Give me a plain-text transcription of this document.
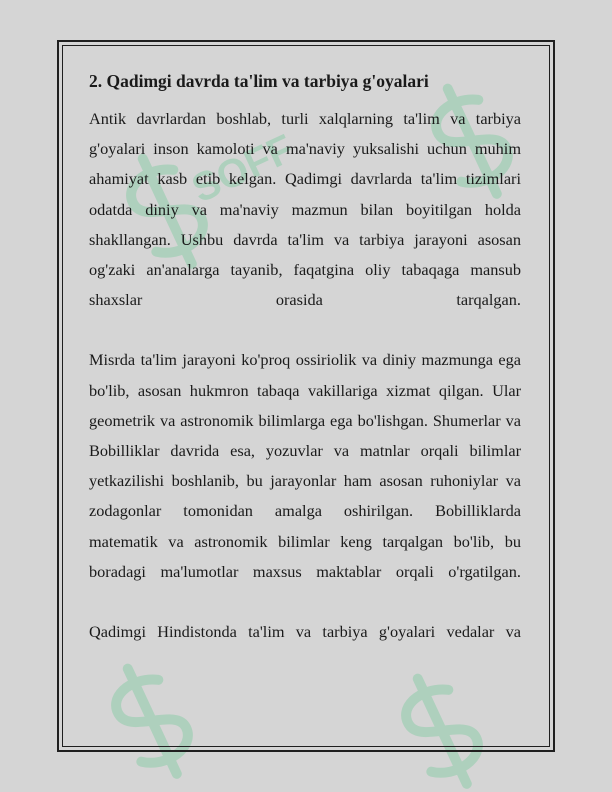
SOFF
2. Qadimgi davrda ta'lim va tarbiya g'oyalari

Antik davrlardan boshlab, turli xalqlarning ta'lim va tarbiya g'oyalari inson kamoloti va ma'naviy yuksalishi uchun muhim ahamiyat kasb etib kelgan. Qadimgi davrlarda ta'lim tizimlari odatda diniy va ma'naviy mazmun bilan boyitilgan holda shakllangan. Ushbu davrda ta'lim va tarbiya jarayoni asosan og'zaki an'analarga tayanib, faqatgina oliy tabaqaga mansub shaxslar orasida tarqalgan.

Misrda ta'lim jarayoni ko'proq ossiriolik va diniy mazmunga ega bo'lib, asosan hukmron tabaqa vakillariga xizmat qilgan. Ular geometrik va astronomik bilimlarga ega bo'lishgan. Shumerlar va Bobilliklar davrida esa, yozuvlar va matnlar orqali bilimlar yetkazilishi boshlanib, bu jarayonlar ham asosan ruhoniylar va zodagonlar tomonidan amalga oshirilgan. Bobilliklarda matematik va astronomik bilimlar keng tarqalgan bo'lib, bu boradagi ma'lumotlar maxsus maktablar orqali o'rgatilgan.

Qadimgi Hindistonda ta'lim va tarbiya g'oyalari vedalar va
